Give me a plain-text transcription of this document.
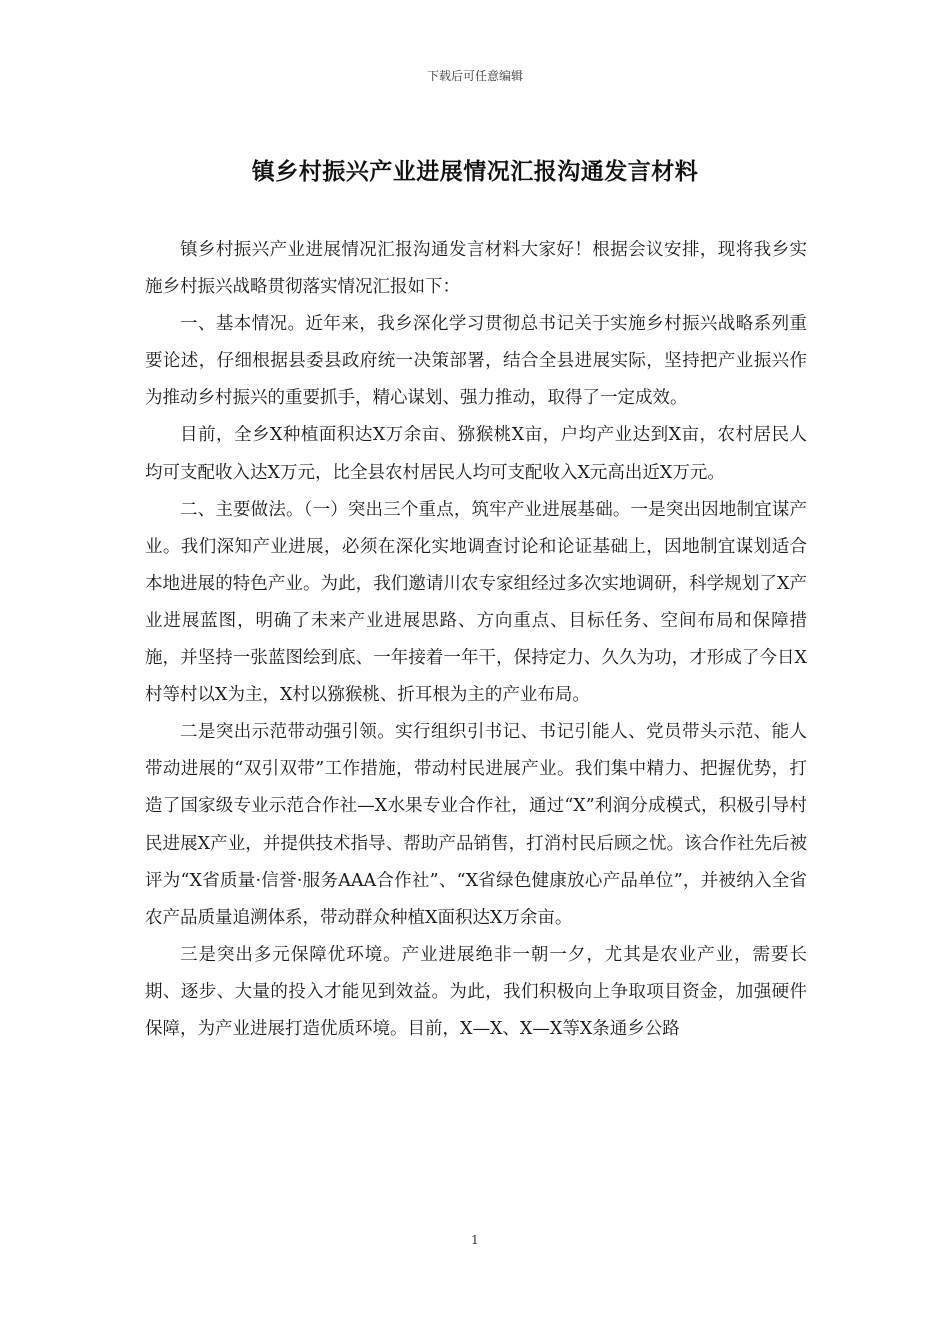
下载后可任意编辑
镇乡村振兴产业进展情况汇报沟通发言材料

镇乡村振兴产业进展情况汇报沟通发言材料大家好！根据会议安排，现将我乡实施乡村振兴战略贯彻落实情况汇报如下：

一、基本情况。近年来，我乡深化学习贯彻总书记关于实施乡村振兴战略系列重要论述，仔细根据县委县政府统一决策部署，结合全县进展实际，坚持把产业振兴作为推动乡村振兴的重要抓手，精心谋划、强力推动，取得了一定成效。

目前，全乡X种植面积达X万余亩、猕猴桃X亩，户均产业达到X亩，农村居民人均可支配收入达X万元，比全县农村居民人均可支配收入X元高出近X万元。

二、主要做法。（一）突出三个重点，筑牢产业进展基础。一是突出因地制宜谋产业。我们深知产业进展，必须在深化实地调查讨论和论证基础上，因地制宜谋划适合本地进展的特色产业。为此，我们邀请川农专家组经过多次实地调研，科学规划了X产业进展蓝图，明确了未来产业进展思路、方向重点、目标任务、空间布局和保障措施，并坚持一张蓝图绘到底、一年接着一年干，保持定力、久久为功，才形成了今日X村等村以X为主，X村以猕猴桃、折耳根为主的产业布局。

二是突出示范带动强引领。实行组织引书记、书记引能人、党员带头示范、能人带动进展的“双引双带”工作措施，带动村民进展产业。我们集中精力、把握优势，打造了国家级专业示范合作社—X水果专业合作社，通过“X”利润分成模式，积极引导村民进展X产业，并提供技术指导、帮助产品销售，打消村民后顾之忧。该合作社先后被评为“X省质量·信誉·服务AAA合作社”、“X省绿色健康放心产品单位”，并被纳入全省农产品质量追溯体系，带动群众种植X面积达X万余亩。

三是突出多元保障优环境。产业进展绝非一朝一夕，尤其是农业产业，需要长期、逐步、大量的投入才能见到效益。为此，我们积极向上争取项目资金，加强硬件保障，为产业进展打造优质环境。目前，X—X、X—X等X条通乡公路

1
